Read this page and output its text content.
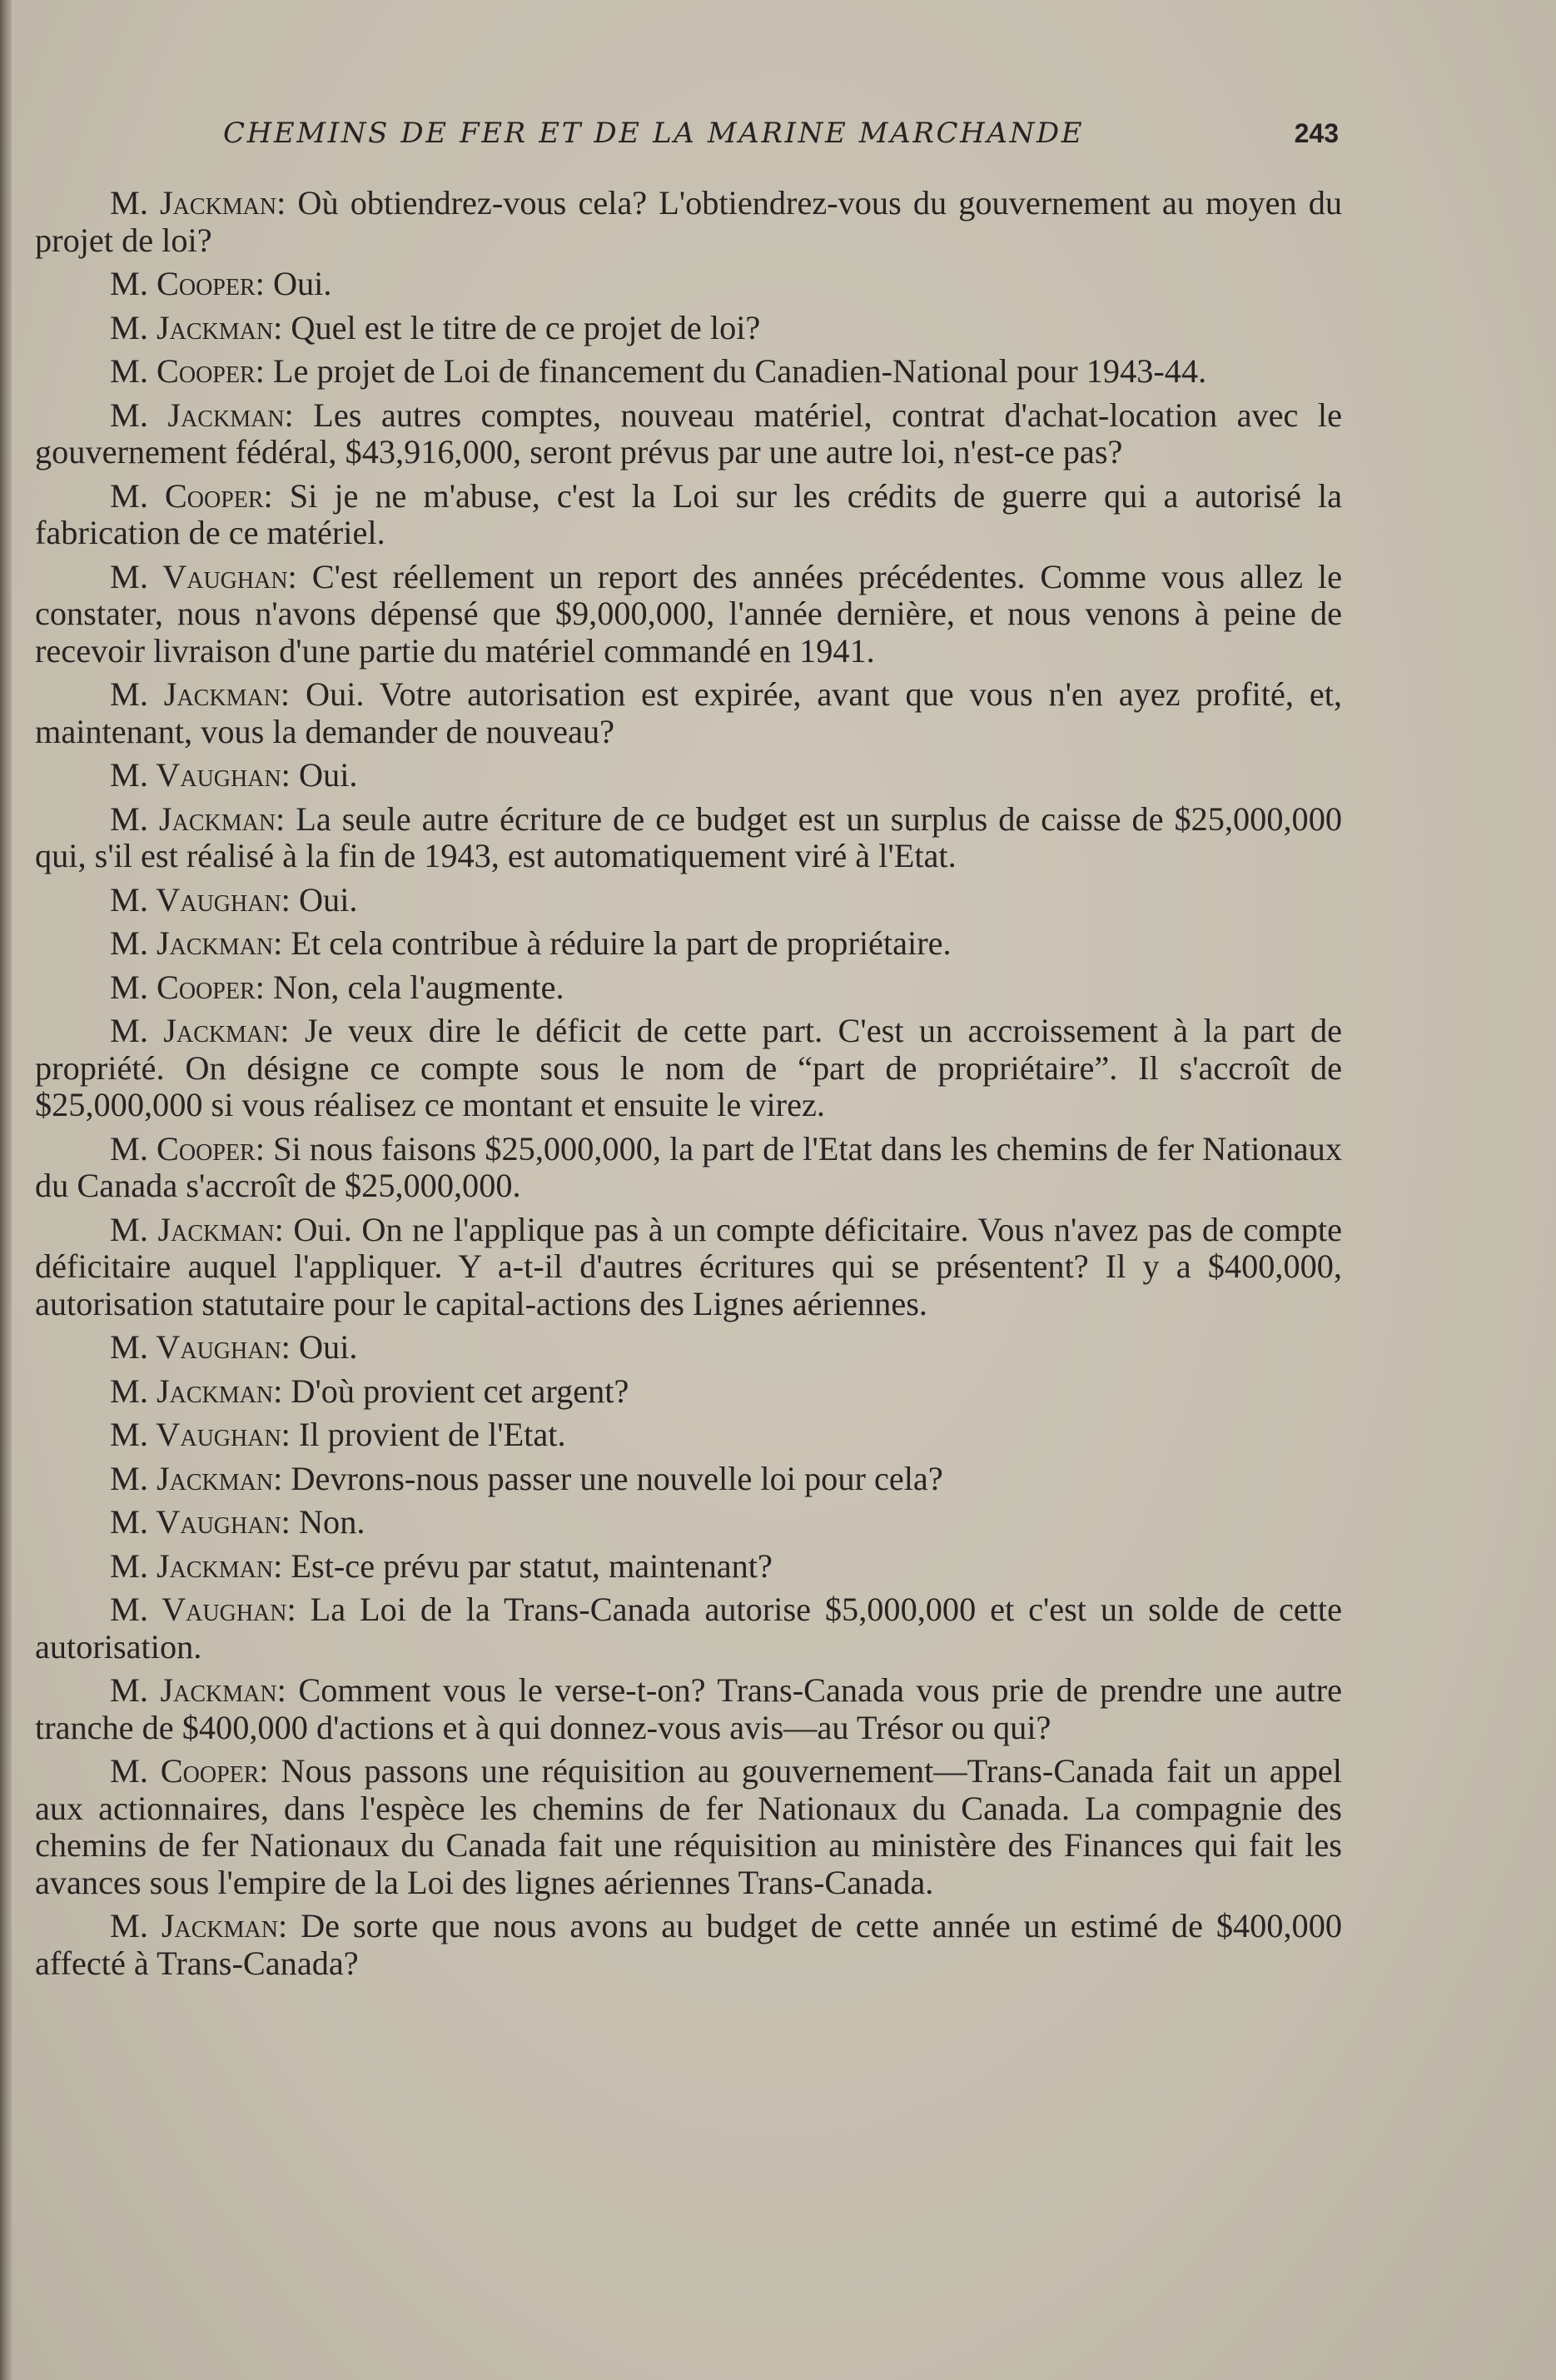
CHEMINS DE FER ET DE LA MARINE MARCHANDE	243

M. Jackman: Où obtiendrez-vous cela? L'obtiendrez-vous du gouvernement au moyen du projet de loi?

M. Cooper: Oui.

M. Jackman: Quel est le titre de ce projet de loi?

M. Cooper: Le projet de Loi de financement du Canadien-National pour 1943-44.

M. Jackman: Les autres comptes, nouveau matériel, contrat d'achat-location avec le gouvernement fédéral, $43,916,000, seront prévus par une autre loi, n'est-ce pas?

M. Cooper: Si je ne m'abuse, c'est la Loi sur les crédits de guerre qui a autorisé la fabrication de ce matériel.

M. Vaughan: C'est réellement un report des années précédentes. Comme vous allez le constater, nous n'avons dépensé que $9,000,000, l'année dernière, et nous venons à peine de recevoir livraison d'une partie du matériel commandé en 1941.

M. Jackman: Oui. Votre autorisation est expirée, avant que vous n'en ayez profité, et, maintenant, vous la demander de nouveau?

M. Vaughan: Oui.

M. Jackman: La seule autre écriture de ce budget est un surplus de caisse de $25,000,000 qui, s'il est réalisé à la fin de 1943, est automatiquement viré à l'Etat.

M. Vaughan: Oui.

M. Jackman: Et cela contribue à réduire la part de propriétaire.

M. Cooper: Non, cela l'augmente.

M. Jackman: Je veux dire le déficit de cette part. C'est un accroissement à la part de propriété. On désigne ce compte sous le nom de “part de propriétaire”. Il s'accroît de $25,000,000 si vous réalisez ce montant et ensuite le virez.

M. Cooper: Si nous faisons $25,000,000, la part de l'Etat dans les chemins de fer Nationaux du Canada s'accroît de $25,000,000.

M. Jackman: Oui. On ne l'applique pas à un compte déficitaire. Vous n'avez pas de compte déficitaire auquel l'appliquer. Y a-t-il d'autres écritures qui se présentent? Il y a $400,000, autorisation statutaire pour le capital-actions des Lignes aériennes.

M. Vaughan: Oui.

M. Jackman: D'où provient cet argent?

M. Vaughan: Il provient de l'Etat.

M. Jackman: Devrons-nous passer une nouvelle loi pour cela?

M. Vaughan: Non.

M. Jackman: Est-ce prévu par statut, maintenant?

M. Vaughan: La Loi de la Trans-Canada autorise $5,000,000 et c'est un solde de cette autorisation.

M. Jackman: Comment vous le verse-t-on? Trans-Canada vous prie de prendre une autre tranche de $400,000 d'actions et à qui donnez-vous avis—au Trésor ou qui?

M. Cooper: Nous passons une réquisition au gouvernement—Trans-Canada fait un appel aux actionnaires, dans l'espèce les chemins de fer Nationaux du Canada. La compagnie des chemins de fer Nationaux du Canada fait une réquisition au ministère des Finances qui fait les avances sous l'empire de la Loi des lignes aériennes Trans-Canada.

M. Jackman: De sorte que nous avons au budget de cette année un estimé de $400,000 affecté à Trans-Canada?
